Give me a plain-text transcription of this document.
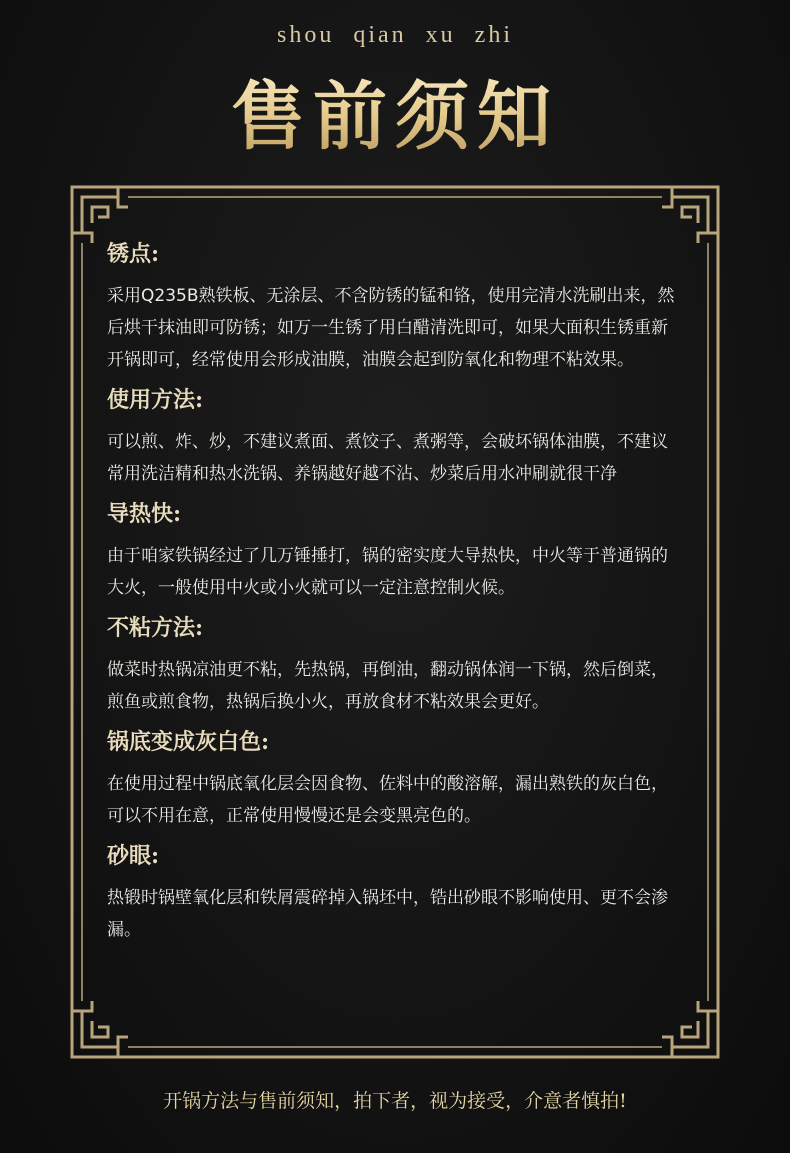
shou qian xu zhi
售前须知
锈点:
采用Q235B熟铁板、无涂层、不含防锈的锰和铬，使用完清水洗刷出来，然后烘干抹油即可防锈；如万一生锈了用白醋清洗即可，如果大面积生锈重新开锅即可，经常使用会形成油膜，油膜会起到防氧化和物理不粘效果。
使用方法:
可以煎、炸、炒，不建议煮面、煮饺子、煮粥等，会破坏锅体油膜，不建议常用洗洁精和热水洗锅、养锅越好越不沾、炒菜后用水冲刷就很干净
导热快:
由于咱家铁锅经过了几万锤捶打，锅的密实度大导热快，中火等于普通锅的大火，一般使用中火或小火就可以一定注意控制火候。
不粘方法:
做菜时热锅凉油更不粘，先热锅，再倒油，翻动锅体润一下锅，然后倒菜，煎鱼或煎食物，热锅后换小火，再放食材不粘效果会更好。
锅底变成灰白色:
在使用过程中锅底氧化层会因食物、佐料中的酸溶解，漏出熟铁的灰白色，可以不用在意，正常使用慢慢还是会变黑亮色的。
砂眼:
热锻时锅壁氧化层和铁屑震碎掉入锅坯中，锆出砂眼不影响使用、更不会渗漏。
开锅方法与售前须知，拍下者，视为接受，介意者慎拍!
